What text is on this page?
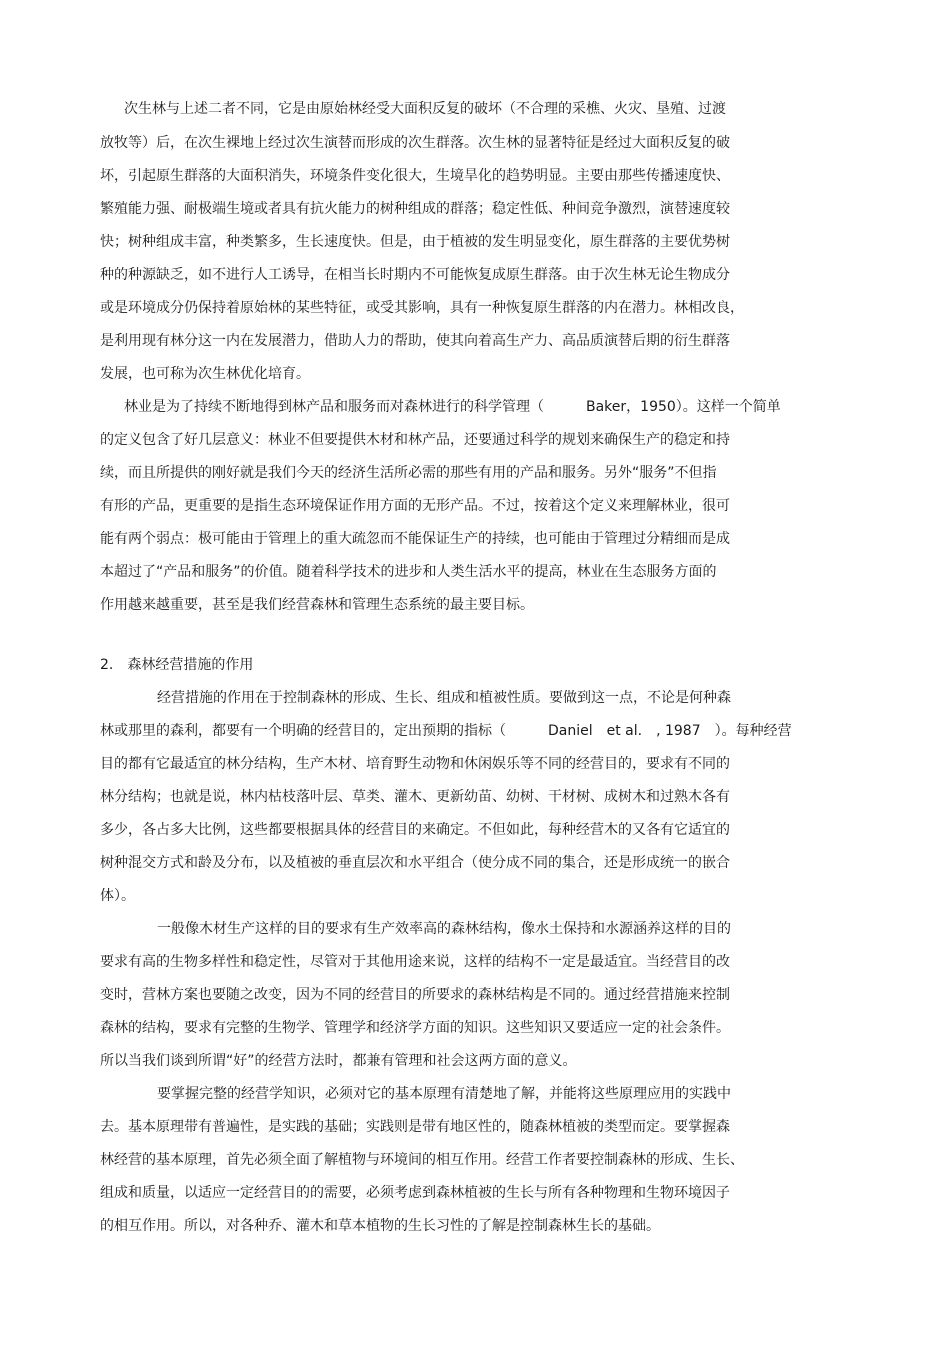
次生林与上述二者不同，它是由原始林经受大面积反复的破坏（不合理的采樵、火灾、垦殖、过渡
放牧等）后，在次生裸地上经过次生演替而形成的次生群落。次生林的显著特征是经过大面积反复的破
坏，引起原生群落的大面积消失，环境条件变化很大，生境旱化的趋势明显。主要由那些传播速度快、
繁殖能力强、耐极端生境或者具有抗火能力的树种组成的群落；稳定性低、种间竞争激烈，演替速度较
快；树种组成丰富，种类繁多，生长速度快。但是，由于植被的发生明显变化，原生群落的主要优势树
种的种源缺乏，如不进行人工诱导，在相当长时期内不可能恢复成原生群落。由于次生林无论生物成分
或是环境成分仍保持着原始林的某些特征，或受其影响，具有一种恢复原生群落的内在潜力。林相改良，
是利用现有林分这一内在发展潜力，借助人力的帮助，使其向着高生产力、高品质演替后期的衍生群落
发展，也可称为次生林优化培育。
林业是为了持续不断地得到林产品和服务而对森林进行的科学管理（　　　Baker，1950）。这样一个简单
的定义包含了好几层意义：林业不但要提供木材和林产品，还要通过科学的规划来确保生产的稳定和持
续，而且所提供的刚好就是我们今天的经济生活所必需的那些有用的产品和服务。另外“服务”不但指
有形的产品，更重要的是指生态环境保证作用方面的无形产品。不过，按着这个定义来理解林业，很可
能有两个弱点：极可能由于管理上的重大疏忽而不能保证生产的持续，也可能由于管理过分精细而是成
本超过了“产品和服务”的价值。随着科学技术的进步和人类生活水平的提高，林业在生态服务方面的
作用越来越重要，甚至是我们经营森林和管理生态系统的最主要目标。
2.　森林经营措施的作用
经营措施的作用在于控制森林的形成、生长、组成和植被性质。要做到这一点，不论是何种森
林或那里的森利，都要有一个明确的经营目的，定出预期的指标（　　　Daniel　et al.　, 1987　）。每种经营
目的都有它最适宜的林分结构，生产木材、培育野生动物和休闲娱乐等不同的经营目的，要求有不同的
林分结构；也就是说，林内枯枝落叶层、草类、灌木、更新幼苗、幼树、干材树、成树木和过熟木各有
多少，各占多大比例，这些都要根据具体的经营目的来确定。不但如此，每种经营木的又各有它适宜的
树种混交方式和龄及分布，以及植被的垂直层次和水平组合（使分成不同的集合，还是形成统一的嵌合
体）。
一般像木材生产这样的目的要求有生产效率高的森林结构，像水土保持和水源涵养这样的目的
要求有高的生物多样性和稳定性，尽管对于其他用途来说，这样的结构不一定是最适宜。当经营目的改
变时，营林方案也要随之改变，因为不同的经营目的所要求的森林结构是不同的。通过经营措施来控制
森林的结构，要求有完整的生物学、管理学和经济学方面的知识。这些知识又要适应一定的社会条件。
所以当我们谈到所谓“好”的经营方法时，都兼有管理和社会这两方面的意义。
要掌握完整的经营学知识，必须对它的基本原理有清楚地了解，并能将这些原理应用的实践中
去。基本原理带有普遍性，是实践的基础；实践则是带有地区性的，随森林植被的类型而定。要掌握森
林经营的基本原理，首先必须全面了解植物与环境间的相互作用。经营工作者要控制森林的形成、生长、
组成和质量，以适应一定经营目的的需要，必须考虑到森林植被的生长与所有各种物理和生物环境因子
的相互作用。所以，对各种乔、灌木和草本植物的生长习性的了解是控制森林生长的基础。
